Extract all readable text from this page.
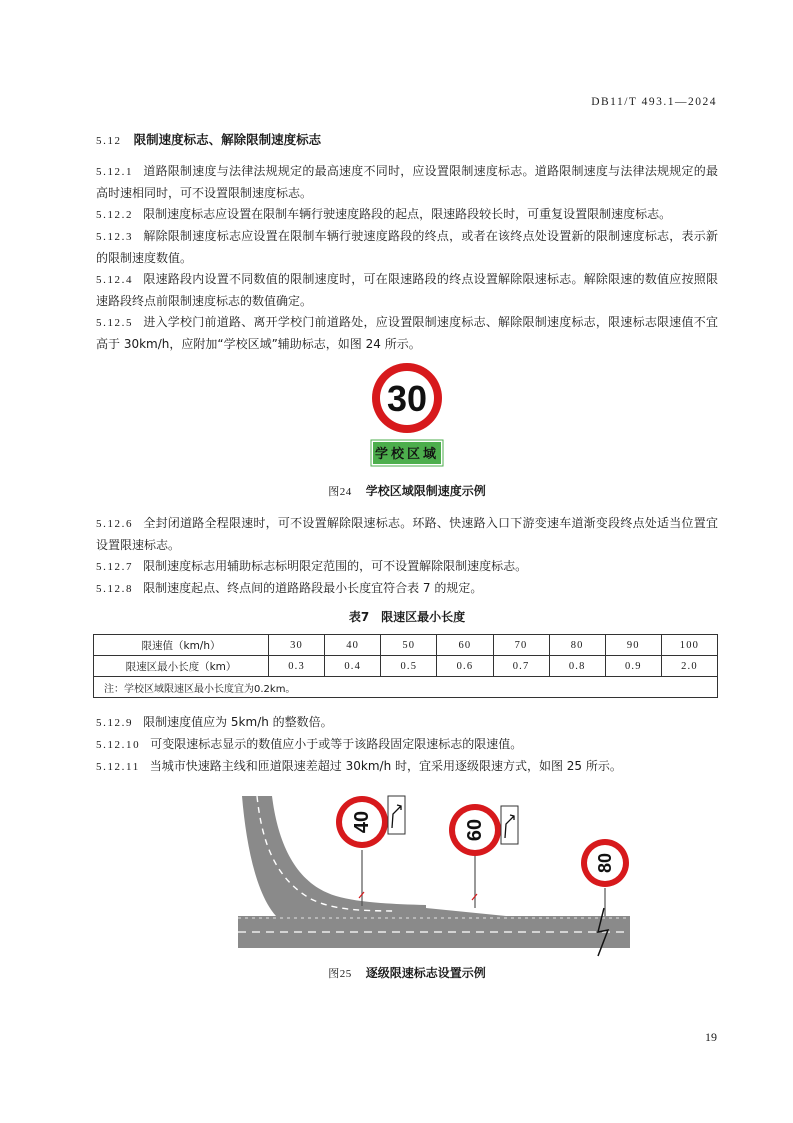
DB11/T 493.1—2024
5.12 限制速度标志、解除限制速度标志

5.12.1 道路限制速度与法律法规规定的最高速度不同时，应设置限制速度标志。道路限制速度与法律法规规定的最高时速相同时，可不设置限制速度标志。

5.12.2 限制速度标志应设置在限制车辆行驶速度路段的起点，限速路段较长时，可重复设置限制速度标志。

5.12.3 解除限制速度标志应设置在限制车辆行驶速度路段的终点，或者在该终点处设置新的限制速度标志，表示新的限制速度数值。

5.12.4 限速路段内设置不同数值的限制速度时，可在限速路段的终点设置解除限速标志。解除限速的数值应按照限速路段终点前限制速度标志的数值确定。

5.12.5 进入学校门前道路、离开学校门前道路处，应设置限制速度标志、解除限制速度标志，限速标志限速值不宜高于 30km/h，应附加“学校区域”辅助标志，如图 24 所示。

30
学校区域
图24 学校区域限制速度示例

5.12.6 全封闭道路全程限速时，可不设置解除限速标志。环路、快速路入口下游变速车道渐变段终点处适当位置宜设置限速标志。

5.12.7 限制速度标志用辅助标志标明限定范围的，可不设置解除限制速度标志。

5.12.8 限制速度起点、终点间的道路路段最小长度宜符合表 7 的规定。

表7　限速区最小长度
限速值（km/h）	30	40	50	60	70	80	90	100
限速区最小长度（km）	0.3	0.4	0.5	0.6	0.7	0.8	0.9	2.0
注：学校区域限速区最小长度宜为0.2km。								

5.12.9 限制速度值应为 5km/h 的整数倍。

5.12.10 可变限速标志显示的数值应小于或等于该路段固定限速标志的限速值。

5.12.11 当城市快速路主线和匝道限速差超过 30km/h 时，宜采用逐级限速方式，如图 25 所示。

40	60
80
图25 逐级限速标志设置示例
19
